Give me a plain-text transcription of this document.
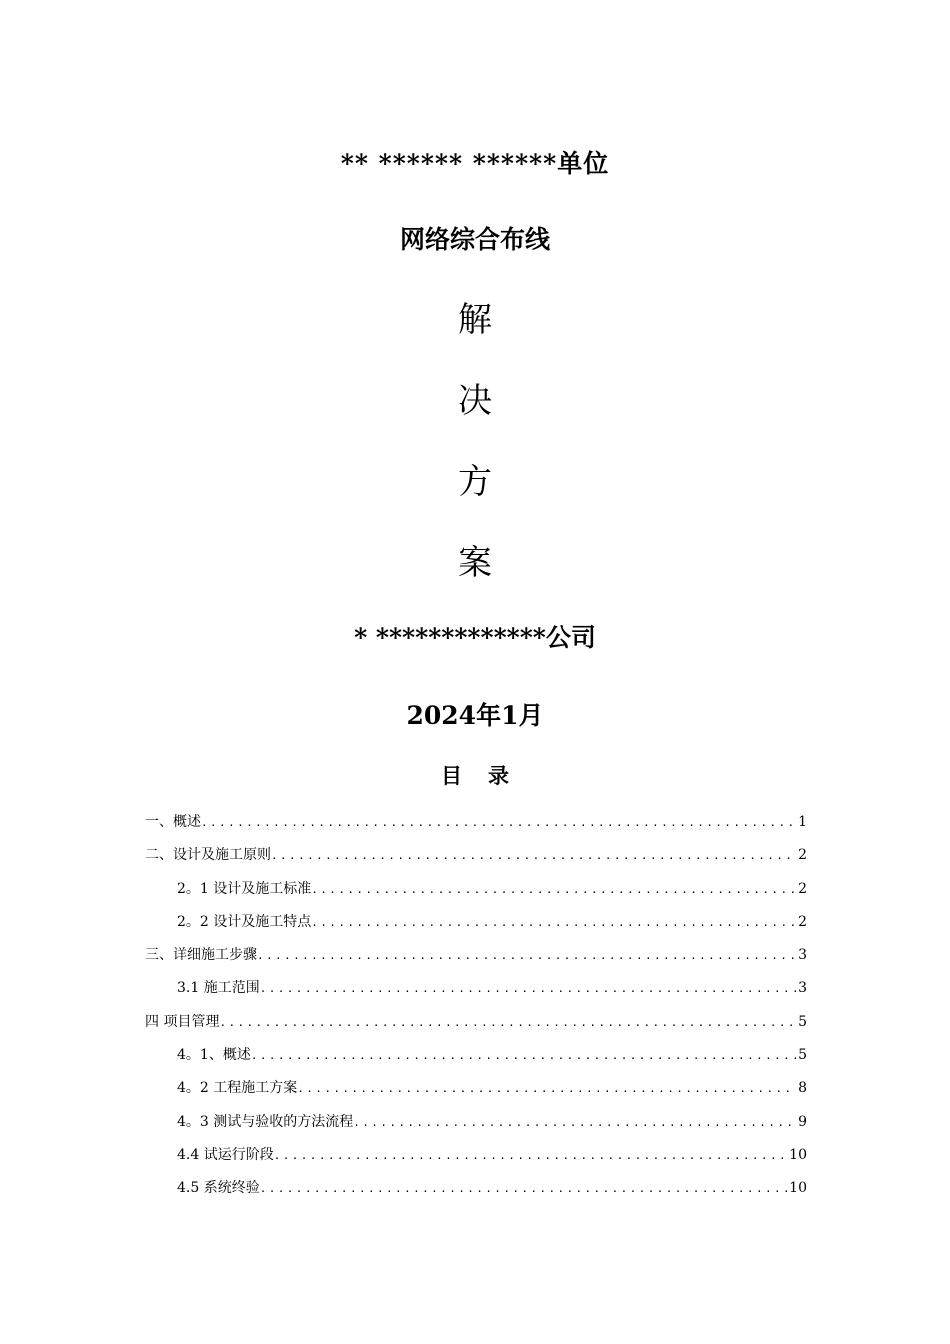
** ****** ******单位
网络综合布线
解
决
方
案
* *************公司
2024年1月
目录
一、概述 .....	1
二、设计及施工原则 .....	2
2。1 设计及施工标准 .....	2
2。2 设计及施工特点 .....	2
三、详细施工步骤 .....	3
3.1 施工范围 .....	3
四 项目管理 .....	5
4。1、概述 .....	5
4。2 工程施工方案 .....	8
4。3 测试与验收的方法流程 .....	9
4.4 试运行阶段 .....	10
4.5 系统终验 .....	10
